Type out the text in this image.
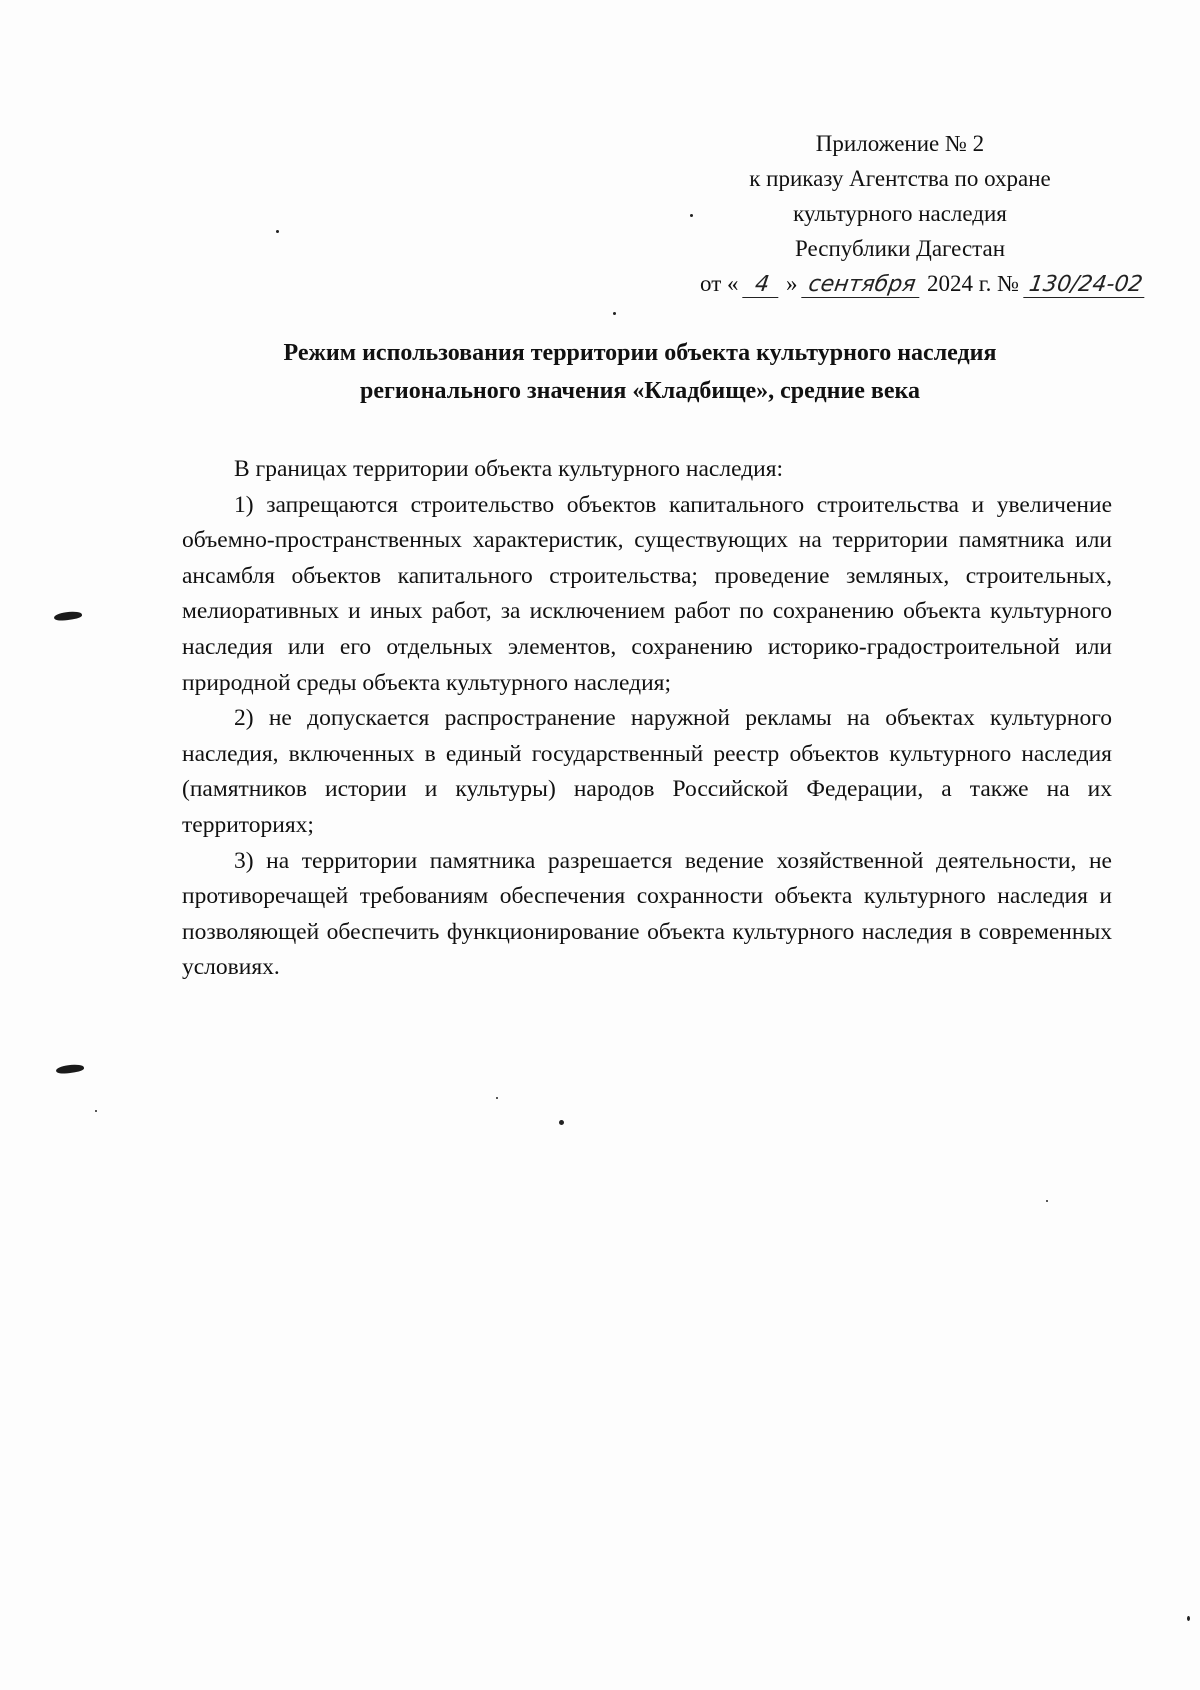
Приложение № 2
к приказу Агентства по охране
культурного наследия
Республики Дагестан
от « 4 » сентября 2024 г. № 130/24-02
Режим использования территории объекта культурного наследия
регионального значения «Кладбище», средние века

В границах территории объекта культурного наследия:

1) запрещаются строительство объектов капитального строительства и увеличение объемно-пространственных характеристик, существующих на территории памятника или ансамбля объектов капитального строительства; проведение земляных, строительных, мелиоративных и иных работ, за исключением работ по сохранению объекта культурного наследия или его отдельных элементов, сохранению историко-градостроительной или природной среды объекта культурного наследия;

2) не допускается распространение наружной рекламы на объектах культурного наследия, включенных в единый государственный реестр объектов культурного наследия (памятников истории и культуры) народов Российской Федерации, а также на их территориях;

3) на территории памятника разрешается ведение хозяйственной деятельности, не противоречащей требованиям обеспечения сохранности объекта культурного наследия и позволяющей обеспечить функционирование объекта культурного наследия в современных условиях.
